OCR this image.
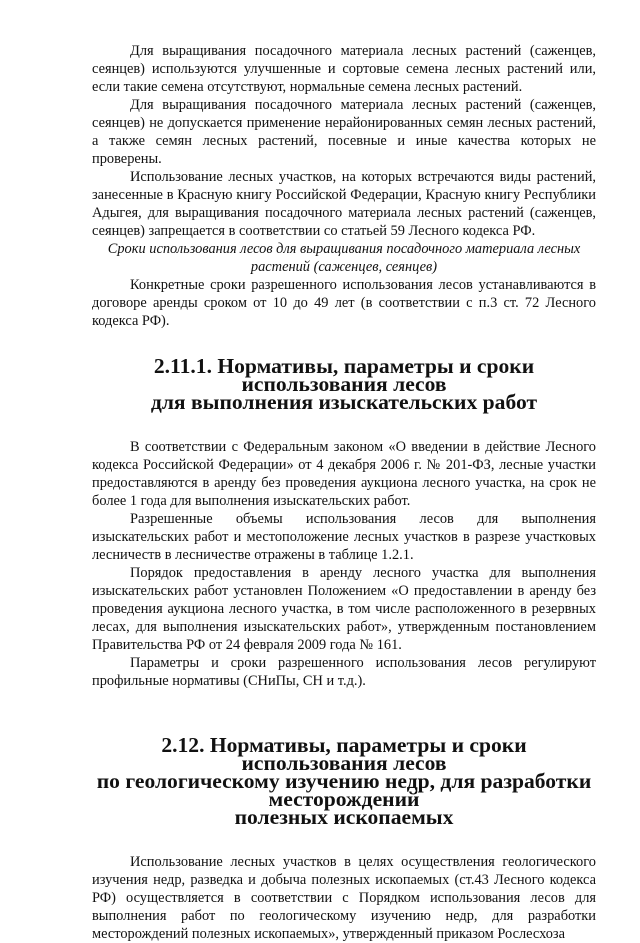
Для выращивания посадочного материала лесных растений (саженцев, сеянцев) используются улучшенные и сортовые семена лесных растений или, если такие семена отсутствуют, нормальные семена лесных растений.

Для выращивания посадочного материала лесных растений (саженцев, сеянцев) не допускается применение нерайонированных семян лесных растений, а также семян лесных растений, посевные и иные качества которых не проверены.

Использование лесных участков, на которых встречаются виды растений, занесенные в Красную книгу Российской Федерации, Красную книгу Республики Адыгея, для выращивания посадочного материала лесных растений (саженцев, сеянцев) запрещается в соответствии со статьей 59 Лесного кодекса РФ.

Сроки использования лесов для выращивания посадочного материала лесных растений (саженцев, сеянцев)

Конкретные сроки разрешенного использования лесов устанавливаются в договоре аренды сроком от 10 до 49 лет (в соответствии с п.3 ст. 72 Лесного кодекса РФ).

2.11.1. Нормативы, параметры и сроки использования лесов
для выполнения изыскательских работ

В соответствии с Федеральным законом «О введении в действие Лесного кодекса Российской Федерации» от 4 декабря 2006 г. № 201-ФЗ, лесные участки предоставляются в аренду без проведения аукциона лесного участка, на срок не более 1 года для выполнения изыскательских работ.

Разрешенные объемы использования лесов для выполнения изыскательских работ и местоположение лесных участков в разрезе участковых лесничеств в лесничестве отражены в таблице 1.2.1.

Порядок предоставления в аренду лесного участка для выполнения изыскательских работ установлен Положением «О предоставлении в аренду без проведения аукциона лесного участка, в том числе расположенного в резервных лесах, для выполнения изыскательских работ», утвержденным постановлением Правительства РФ от 24 февраля 2009 года № 161.

Параметры и сроки разрешенного использования лесов регулируют профильные нормативы (СНиПы, СН и т.д.).

2.12. Нормативы, параметры и сроки использования лесов
по геологическому изучению недр, для разработки месторождений
полезных ископаемых

Использование лесных участков в целях осуществления геологического изучения недр, разведка и добыча полезных ископаемых (ст.43 Лесного кодекса РФ) осуществляется в соответствии с Порядком использования лесов для выполнения работ по геологическому изучению недр, для разработки месторождений полезных ископаемых», утвержденный приказом Рослесхоза
